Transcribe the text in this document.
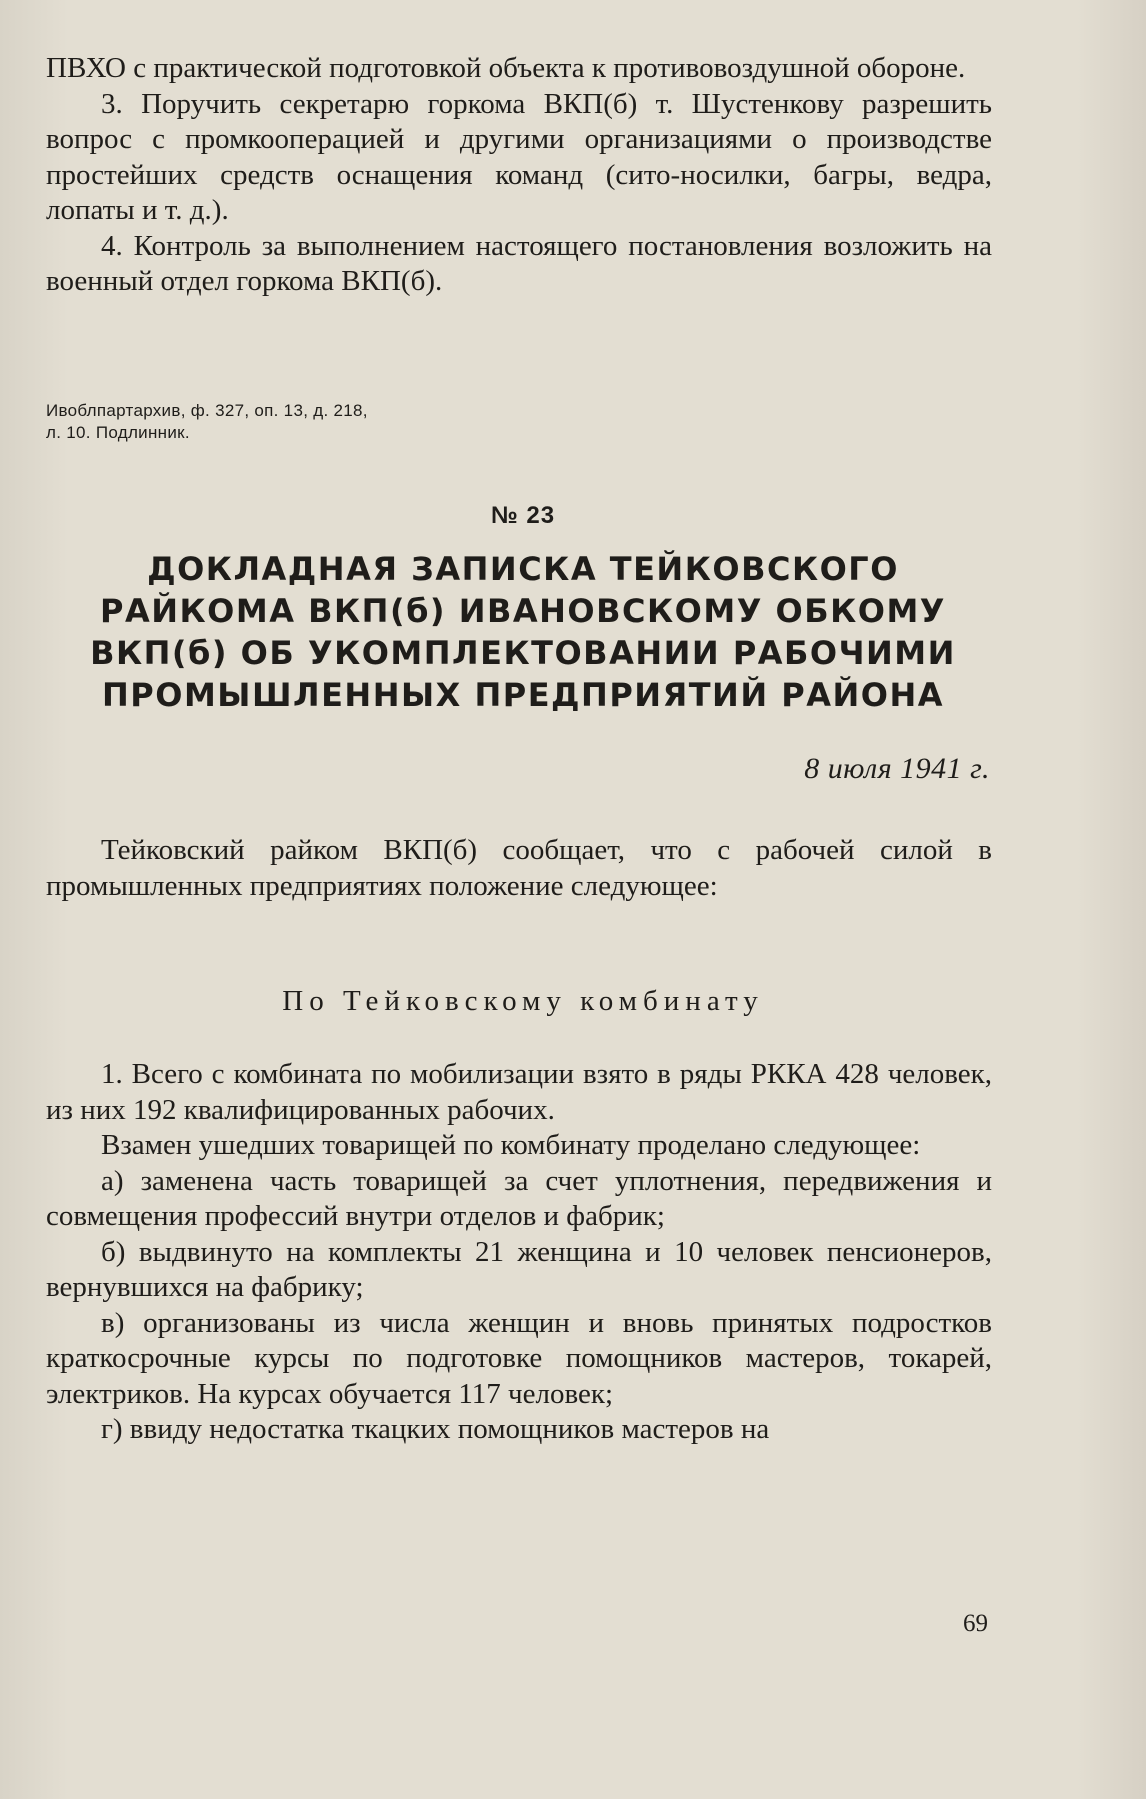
ПВХО с практической подготовкой объекта к противовоздушной обороне.

3. Поручить секретарю горкома ВКП(б) т. Шустенкову разрешить вопрос с промкооперацией и другими организациями о производстве простейших средств оснащения команд (сито-носилки, багры, ведра, лопаты и т. д.).

4. Контроль за выполнением настоящего постановления возложить на военный отдел горкома ВКП(б).

Ивоблпартархив, ф. 327, оп. 13, д. 218,
л. 10. Подлинник.
№ 23
ДОКЛАДНАЯ ЗАПИСКА ТЕЙКОВСКОГО
РАЙКОМА ВКП(б) ИВАНОВСКОМУ ОБКОМУ
ВКП(б) ОБ УКОМПЛЕКТОВАНИИ РАБОЧИМИ
ПРОМЫШЛЕННЫХ ПРЕДПРИЯТИЙ РАЙОНА
8 июля 1941 г.

Тейковский райком ВКП(б) сообщает, что с рабочей силой в промышленных предприятиях положение следующее:

По Тейковскому комбинату

1. Всего с комбината по мобилизации взято в ряды РККА 428 человек, из них 192 квалифицированных рабочих.

Взамен ушедших товарищей по комбинату проделано следующее:

а) заменена часть товарищей за счет уплотнения, передвижения и совмещения профессий внутри отделов и фабрик;

б) выдвинуто на комплекты 21 женщина и 10 человек пенсионеров, вернувшихся на фабрику;

в) организованы из числа женщин и вновь принятых подростков краткосрочные курсы по подготовке помощников мастеров, токарей, электриков. На курсах обучается 117 человек;

г) ввиду недостатка ткацких помощников мастеров на

69
